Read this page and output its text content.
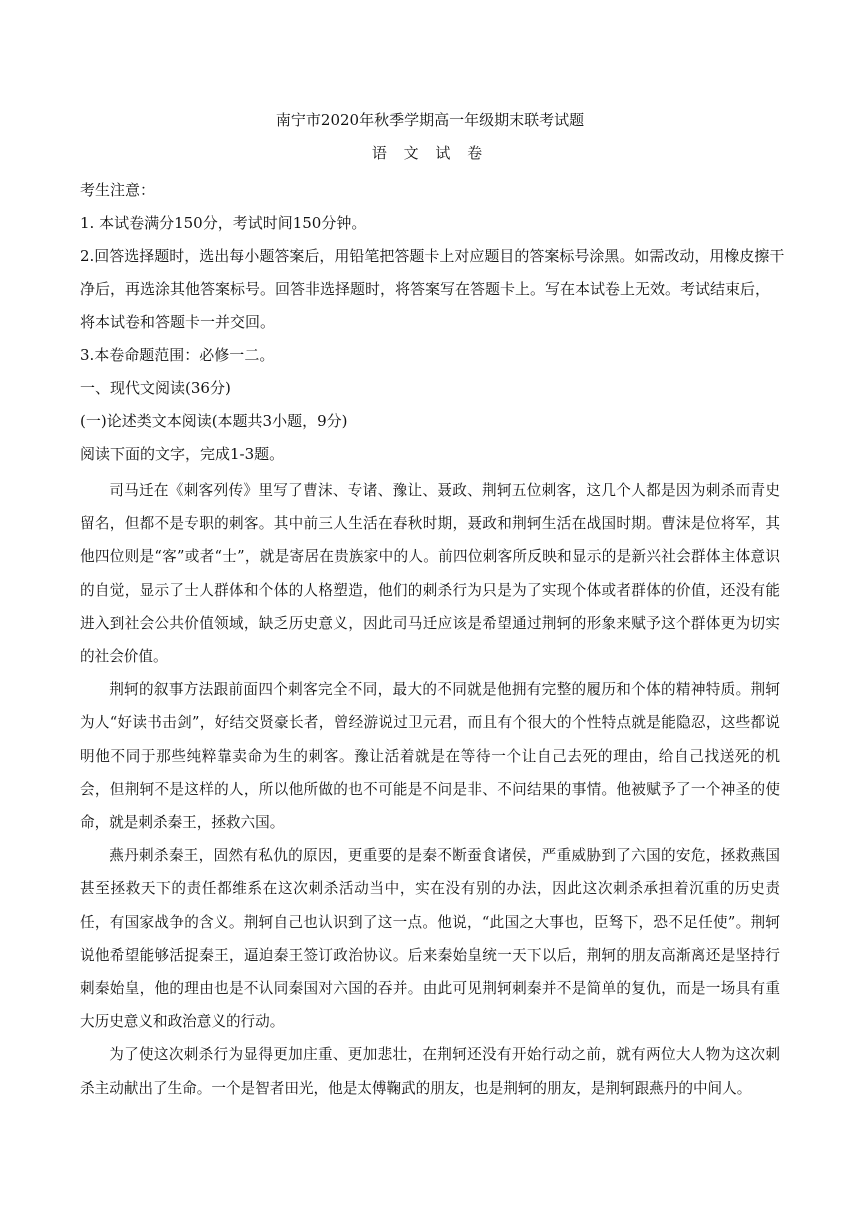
南宁市2020年秋季学期高一年级期末联考试题
语 文 试 卷
考生注意：
1. 本试卷满分150分，考试时间150分钟。
2.回答选择题时，选出每小题答案后，用铅笔把答题卡上对应题目的答案标号涂黑。如需改动，用橡皮擦干
净后，再选涂其他答案标号。回答非选择题时，将答案写在答题卡上。写在本试卷上无效。考试结束后，
将本试卷和答题卡一并交回。
3.本卷命题范围：必修一二。
一、现代文阅读(36分)
(一)论述类文本阅读(本题共3小题，9分)
阅读下面的文字，完成1-3题。

司马迁在《刺客列传》里写了曹沫、专诸、豫让、聂政、荆轲五位刺客，这几个人都是因为刺杀而青史留名，但都不是专职的刺客。其中前三人生活在春秋时期，聂政和荆轲生活在战国时期。曹沫是位将军，其他四位则是“客”或者“士”，就是寄居在贵族家中的人。前四位刺客所反映和显示的是新兴社会群体主体意识的自觉，显示了士人群体和个体的人格塑造，他们的刺杀行为只是为了实现个体或者群体的价值，还没有能进入到社会公共价值领域，缺乏历史意义，因此司马迁应该是希望通过荆轲的形象来赋予这个群体更为切实的社会价值。

荆轲的叙事方法跟前面四个刺客完全不同，最大的不同就是他拥有完整的履历和个体的精神特质。荆轲为人“好读书击剑”，好结交贤豪长者，曾经游说过卫元君，而且有个很大的个性特点就是能隐忍，这些都说明他不同于那些纯粹靠卖命为生的刺客。豫让活着就是在等待一个让自己去死的理由，给自己找送死的机会，但荆轲不是这样的人，所以他所做的也不可能是不问是非、不问结果的事情。他被赋予了一个神圣的使命，就是刺杀秦王，拯救六国。

燕丹刺杀秦王，固然有私仇的原因，更重要的是秦不断蚕食诸侯，严重威胁到了六国的安危，拯救燕国甚至拯救天下的责任都维系在这次刺杀活动当中，实在没有别的办法，因此这次刺杀承担着沉重的历史责任，有国家战争的含义。荆轲自己也认识到了这一点。他说，“此国之大事也，臣驽下，恐不足任使”。荆轲说他希望能够活捉秦王，逼迫秦王签订政治协议。后来秦始皇统一天下以后，荆轲的朋友高渐离还是坚持行刺秦始皇，他的理由也是不认同秦国对六国的吞并。由此可见荆轲刺秦并不是简单的复仇，而是一场具有重大历史意义和政治意义的行动。

为了使这次刺杀行为显得更加庄重、更加悲壮，在荆轲还没有开始行动之前，就有两位大人物为这次刺杀主动献出了生命。一个是智者田光，他是太傅鞠武的朋友，也是荆轲的朋友，是荆轲跟燕丹的中间人。
